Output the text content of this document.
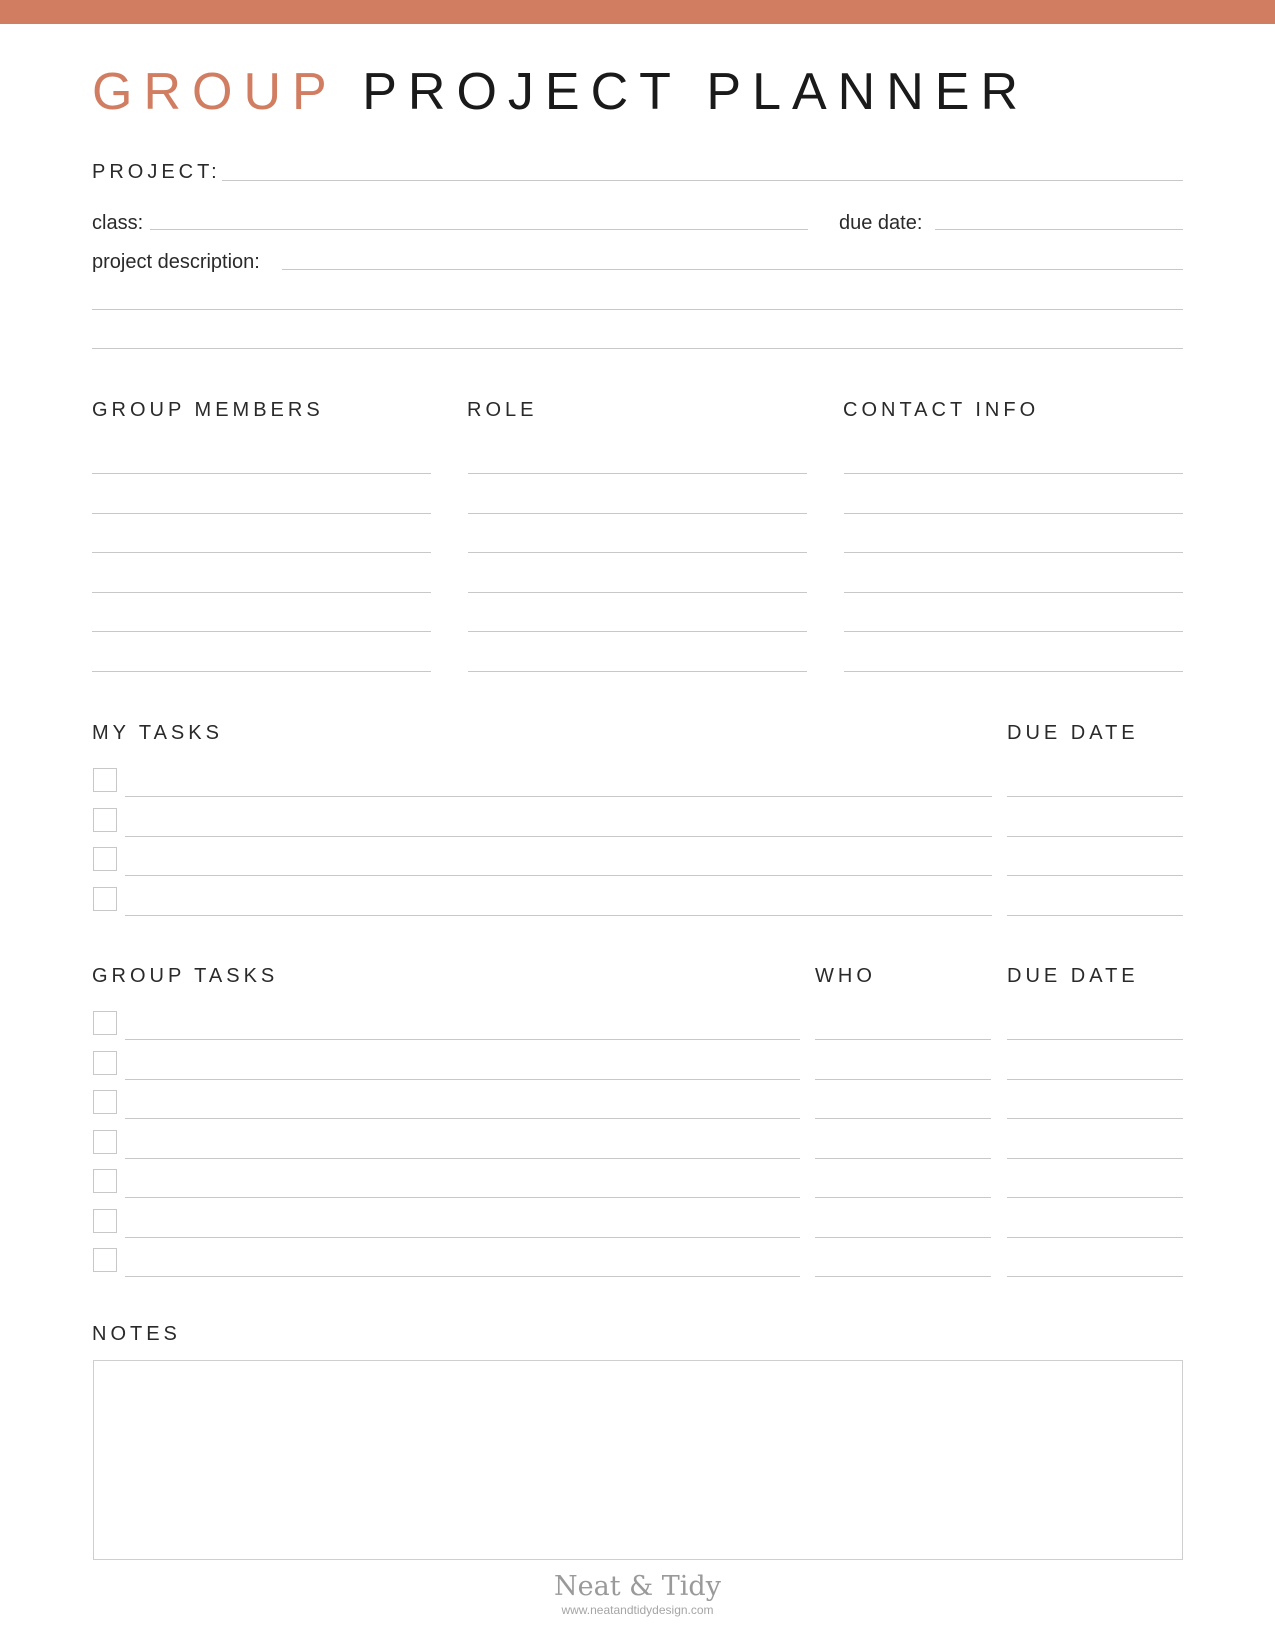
GROUP PROJECT PLANNER
PROJECT:
class:	due date:
project description:
GROUP MEMBERS	ROLE	CONTACT INFO
MY TASKS	DUE DATE
GROUP TASKS	WHO	DUE DATE
NOTES
Neat & Tidy
www.neatandtidydesign.com
